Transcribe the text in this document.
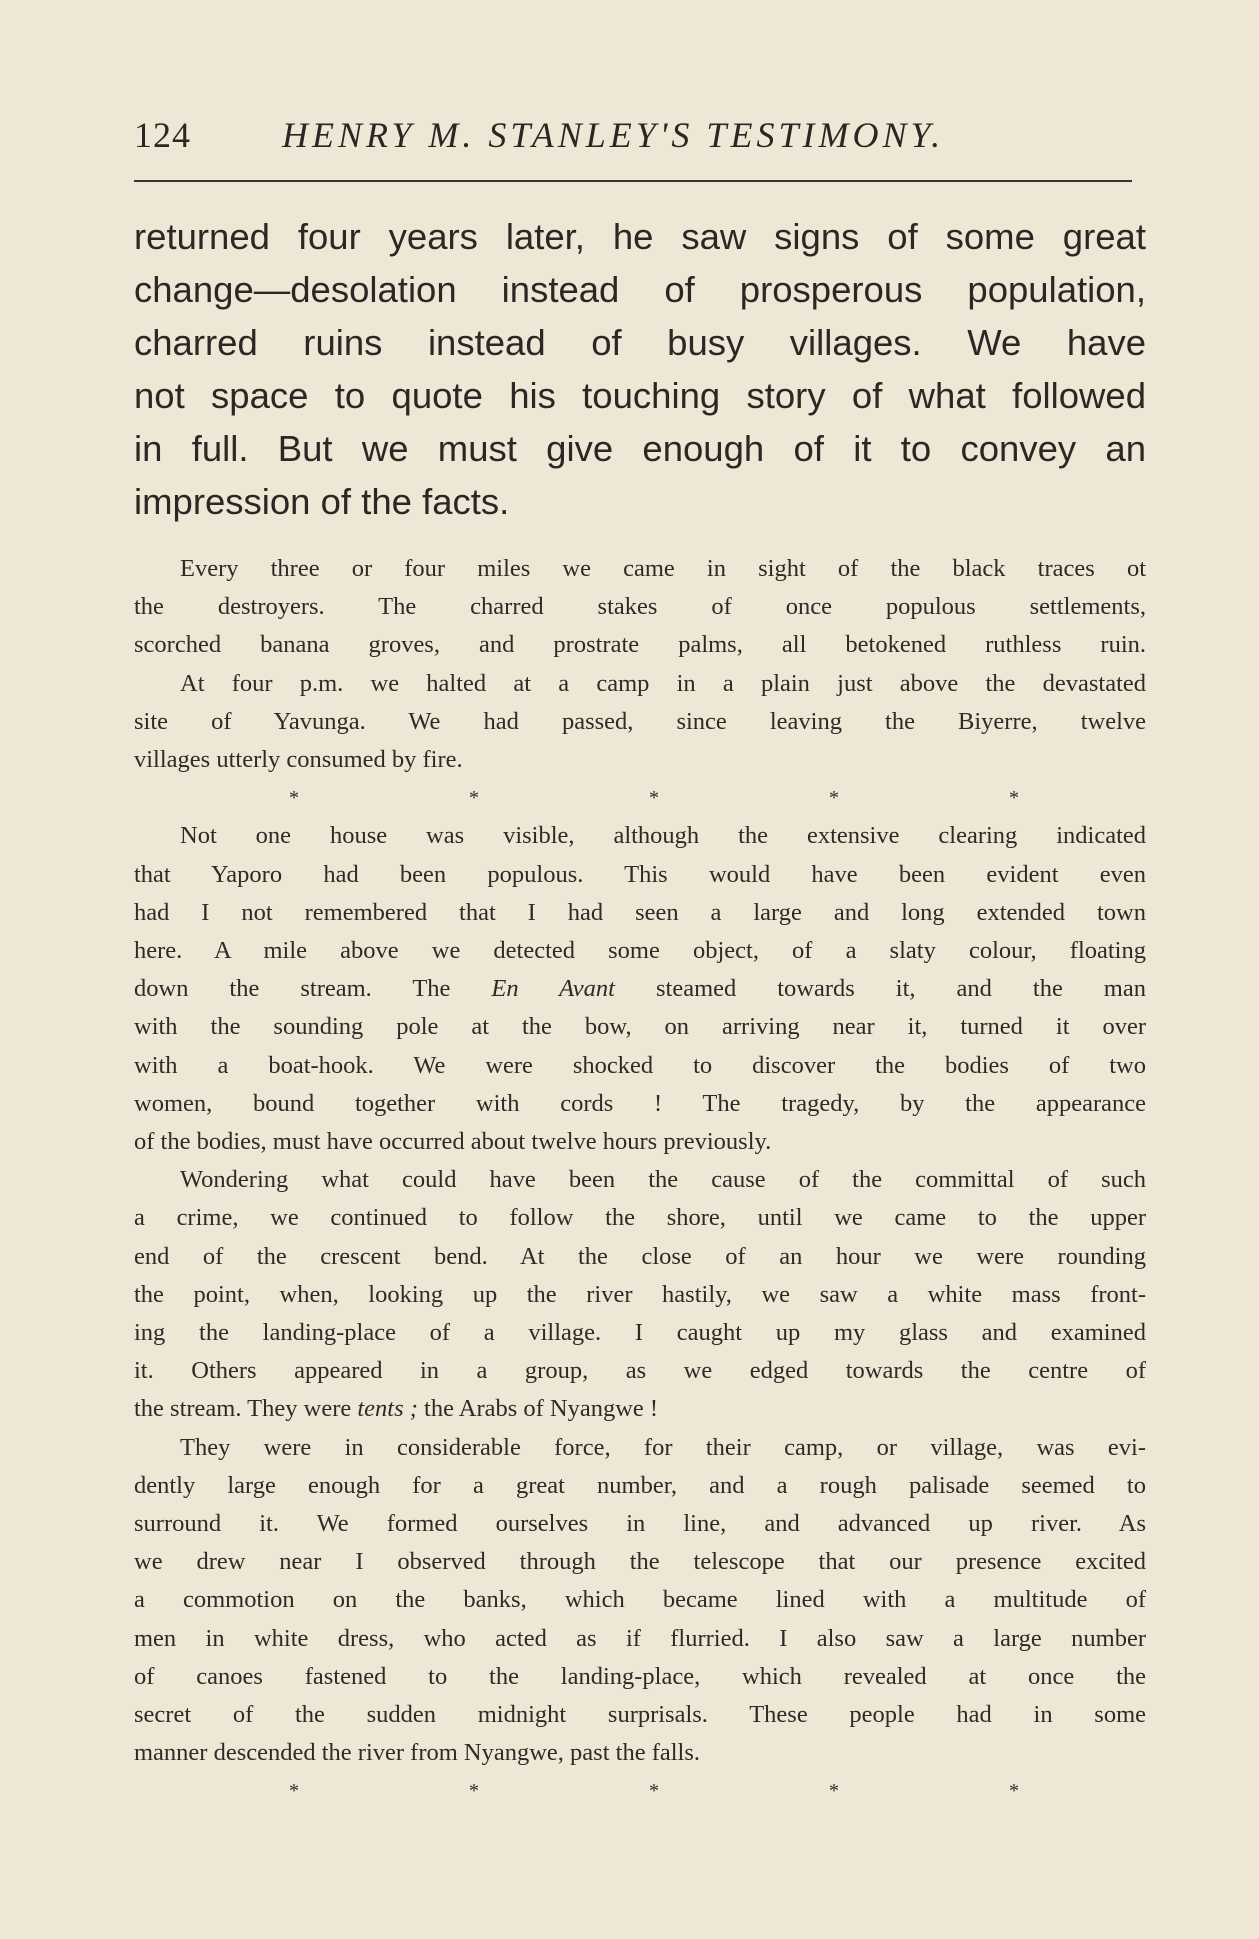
124	HENRY M. STANLEY'S TESTIMONY.
returned four years later, he saw signs of some great
change—desolation instead of prosperous population,
charred ruins instead of busy villages. We have
not space to quote his touching story of what followed
in full. But we must give enough of it to convey an
impression of the facts.
Every three or four miles we came in sight of the black traces ot
the destroyers. The charred stakes of once populous settlements,
scorched banana groves, and prostrate palms, all betokened ruthless ruin.
At four p.m. we halted at a camp in a plain just above the devastated
site of Yavunga. We had passed, since leaving the Biyerre, twelve
villages utterly consumed by fire.
*	*	*	*	*
Not one house was visible, although the extensive clearing indicated
that Yaporo had been populous. This would have been evident even
had I not remembered that I had seen a large and long extended town
here. A mile above we detected some object, of a slaty colour, floating
down the stream. The En Avant steamed towards it, and the man
with the sounding pole at the bow, on arriving near it, turned it over
with a boat-hook. We were shocked to discover the bodies of two
women, bound together with cords ! The tragedy, by the appearance
of the bodies, must have occurred about twelve hours previously.
Wondering what could have been the cause of the committal of such
a crime, we continued to follow the shore, until we came to the upper
end of the crescent bend. At the close of an hour we were rounding
the point, when, looking up the river hastily, we saw a white mass front-
ing the landing-place of a village. I caught up my glass and examined
it. Others appeared in a group, as we edged towards the centre of
the stream. They were tents ; the Arabs of Nyangwe !
They were in considerable force, for their camp, or village, was evi-
dently large enough for a great number, and a rough palisade seemed to
surround it. We formed ourselves in line, and advanced up river. As
we drew near I observed through the telescope that our presence excited
a commotion on the banks, which became lined with a multitude of
men in white dress, who acted as if flurried. I also saw a large number
of canoes fastened to the landing-place, which revealed at once the
secret of the sudden midnight surprisals. These people had in some
manner descended the river from Nyangwe, past the falls.
*	*	*	*	*
